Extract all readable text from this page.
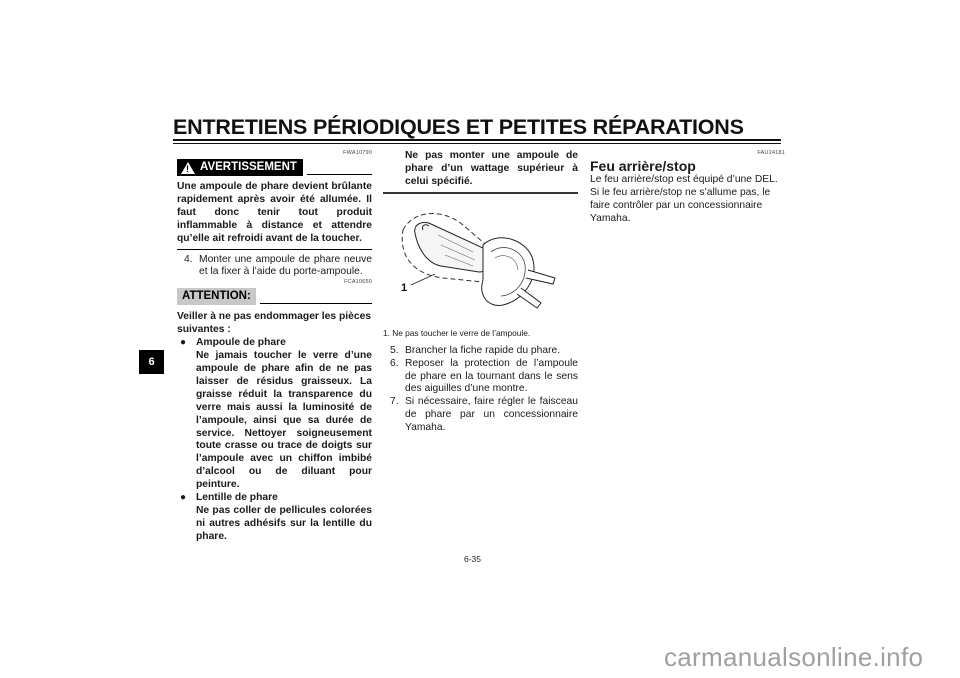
ENTRETIENS PÉRIODIQUES ET PETITES RÉPARATIONS
6
FWA10790
! AVERTISSEMENT
Une ampoule de phare devient brûlante rapidement après avoir été allumée. Il faut donc tenir tout produit inflammable à distance et attendre qu’elle ait refroidi avant de la toucher.
4. Monter une ampoule de phare neuve et la fixer à l’aide du porte-ampoule.
FCA10650
ATTENTION:
Veiller à ne pas endommager les pièces suivantes :
● Ampoule de phare
Ne jamais toucher le verre d’une ampoule de phare afin de ne pas laisser de résidus graisseux. La graisse réduit la transparence du verre mais aussi la luminosité de l’ampoule, ainsi que sa durée de service. Nettoyer soigneusement toute crasse ou trace de doigts sur l’ampoule avec un chiffon imbibé d’alcool ou de diluant pour peinture.
● Lentille de phare
Ne pas coller de pellicules colorées ni autres adhésifs sur la lentille du phare.
Ne pas monter une ampoule de phare d’un wattage supérieur à celui spécifié.
1
1. Ne pas toucher le verre de l’ampoule.
5. Brancher la fiche rapide du phare.
6. Reposer la protection de l’ampoule de phare en la tournant dans le sens des aiguilles d’une montre.
7. Si nécessaire, faire régler le faisceau de phare par un concessionnaire Yamaha.
FAU24181
Feu arrière/stop
Le feu arrière/stop est équipé d’une DEL. Si le feu arrière/stop ne s’allume pas, le faire contrôler par un concessionnaire Yamaha.
6-35
carmanualsonline.info
